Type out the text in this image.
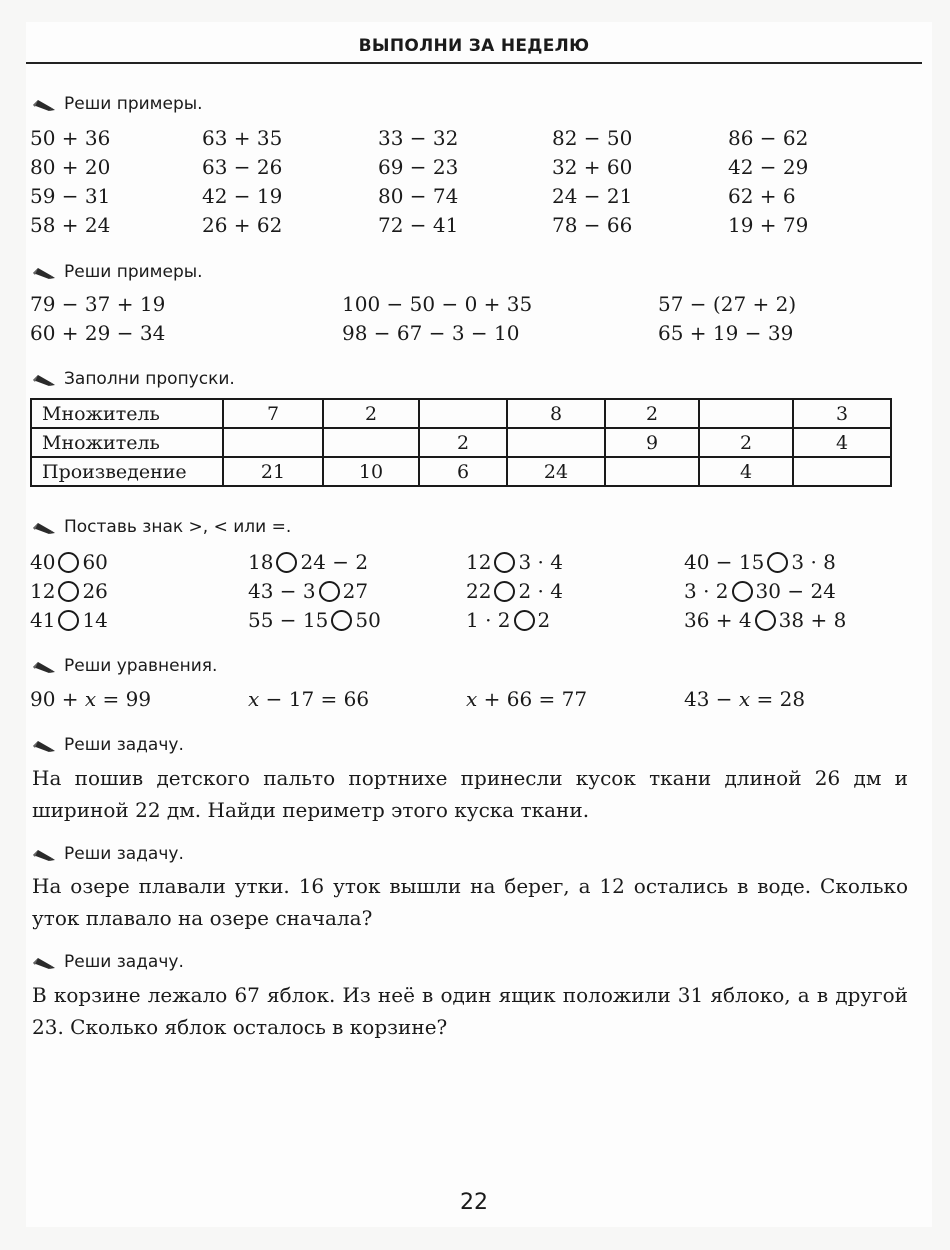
ВЫПОЛНИ ЗА НЕДЕЛЮ
Реши примеры.
50 + 36	63 + 35	33 − 32	82 − 50	86 − 62
80 + 20	63 − 26	69 − 23	32 + 60	42 − 29
59 − 31	42 − 19	80 − 74	24 − 21	62 + 6
58 + 24	26 + 62	72 − 41	78 − 66	19 + 79
Реши примеры.
79 − 37 + 19	100 − 50 − 0 + 35	57 − (27 + 2)
60 + 29 − 34	98 − 67 − 3 − 10	65 + 19 − 39
Заполни пропуски.
Множитель	7	2		8	2		3
Множитель			2		9	2	4
Произведение	21	10	6	24		4	
Поставь знак >, < или =.
40 60	18 24 − 2	12 3 · 4	40 − 15 3 · 8
12 26	43 − 3 27	22 2 · 4	3 · 2 30 − 24
41 14	55 − 15 50	1 · 2 2	36 + 4 38 + 8
Реши уравнения.
90 + x = 99	x − 17 = 66	x + 66 = 77	43 − x = 28
Реши задачу.
На пошив детского пальто портнихе принесли кусок ткани длиной 26 дм и шириной 22 дм. Найди периметр этого куска ткани.
Реши задачу.
На озере плавали утки. 16 уток вышли на берег, а 12 остались в воде. Сколько уток плавало на озере сначала?
Реши задачу.
В корзине лежало 67 яблок. Из неё в один ящик положили 31 яблоко, а в другой 23. Сколько яблок осталось в корзине?
22
